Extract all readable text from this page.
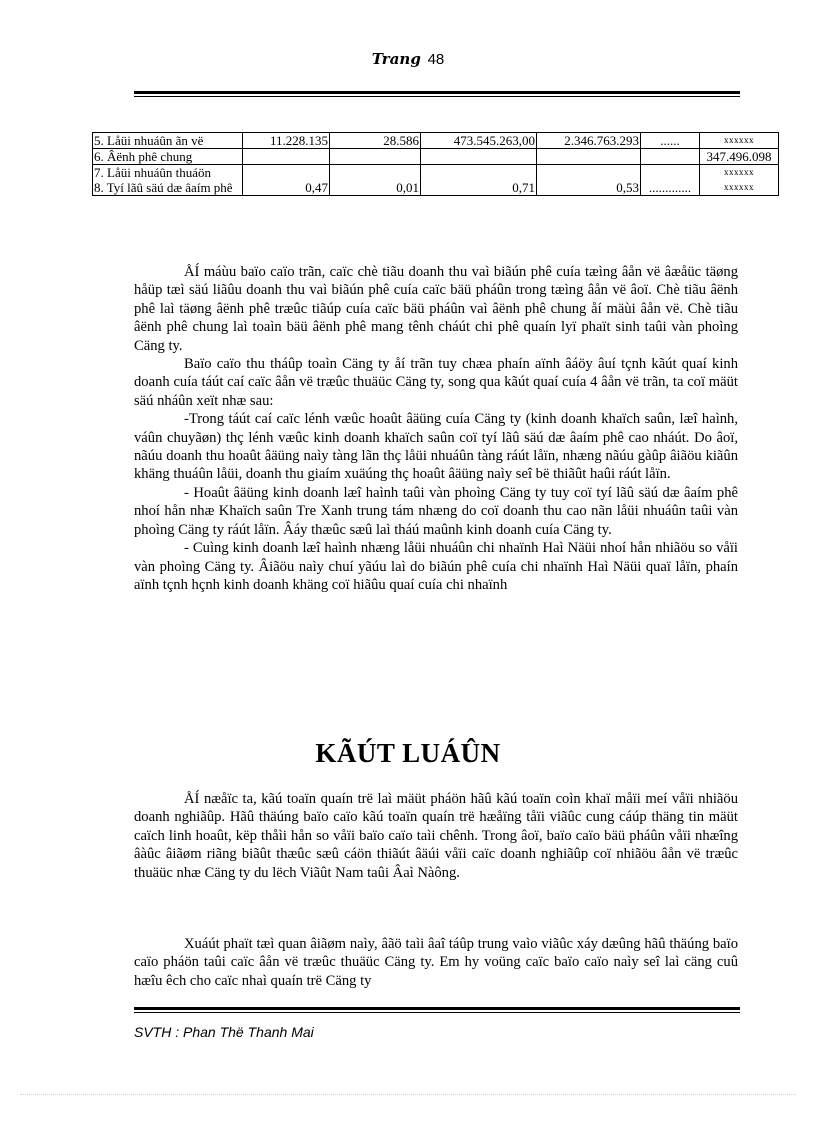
Trang 48
5. Låüi nhuáûn ãn vë	11.228.135	28.586	473.545.263,00	2.346.763.293	......	xxxxxx
6. Âënh phê chung						347.496.098
7. Låüi nhuáûn thuáön						xxxxxx
8. Tyí lãû säú dæ âaím phê	0,47	0,01	0,71	0,53	.............	xxxxxx

ÅÍ máùu baïo caïo trãn, caïc chè tiãu doanh thu vaì biãún phê cuía tæìng âån vë âæåüc täøng håüp tæì säú liãûu doanh thu vaì biãún phê cuía caïc bäü pháûn trong tæìng âån vë âoï. Chè tiãu âënh phê laì täøng âënh phê træûc tiãúp cuía caïc bäü pháûn vaì âënh phê chung åí mäùi âån vë. Chè tiãu âënh phê chung laì toaìn bäü âënh phê mang tênh cháút chi phê quaín lyï phaït sinh taûi vàn phoìng Cäng ty.

Baïo caïo thu tháûp toaìn Cäng ty åí trãn tuy chæa phaín aïnh âáöy âuí tçnh kãút quaí kinh doanh cuía táút caí caïc âån vë træûc thuäüc Cäng ty, song qua kãút quaí cuía 4 âån vë trãn, ta coï mäüt säú nháûn xeït nhæ sau:

-Trong táút caí caïc lénh væûc hoaût âäüng cuía Cäng ty (kinh doanh khaïch saûn, læî haình, váûn chuyãøn) thç lénh væûc kinh doanh khaïch saûn coï tyí lãû säú dæ âaím phê cao nháút. Do âoï, nãúu doanh thu hoaût âäüng naìy tàng lãn thç låüi nhuáûn tàng ráút låïn, nhæng nãúu gàûp âiãöu kiãûn khäng thuáûn låüi, doanh thu giaím xuäúng thç hoaût âäüng naìy seî bë thiãût haûi ráút låïn.

- Hoaût âäüng kinh doanh læî haình taûi vàn phoìng Cäng ty tuy coï tyí lãû säú dæ âaím phê nhoí hån nhæ Khaïch saûn Tre Xanh trung tám nhæng do coï doanh thu cao nãn låüi nhuáûn taûi vàn phoìng Cäng ty ráút låïn. Âáy thæûc sæû laì tháú maûnh kinh doanh cuía Cäng ty.

- Cuìng kinh doanh læî haình nhæng låüi nhuáûn chi nhaïnh Haì Näüi nhoí hån nhiãöu so våïi vàn phoìng Cäng ty. Âiãöu naìy chuí yãúu laì do biãún phê cuía chi nhaïnh Haì Näüi quaï låïn, phaín aïnh tçnh hçnh kinh doanh khäng coï hiãûu quaí cuía chi nhaïnh

KÃÚT LUÁÛN

ÅÍ næåïc ta, kãú toaïn quaín trë laì mäüt pháön hãû kãú toaïn coìn khaï måïi meí våïi nhiãöu doanh nghiãûp. Hãû thäúng baïo caïo kãú toaïn quaín trë hæåïng tåïi viãûc cung cáúp thäng tin mäüt caïch linh hoaût, këp thåìi hån so våïi baïo caïo taìi chênh. Trong âoï, baïo caïo bäü pháûn våïi nhæîng âàûc âiãøm riãng biãût thæûc sæû cáön thiãút âäúi våïi caïc doanh nghiãûp coï nhiãöu âån vë træûc thuäüc nhæ Cäng ty du lëch Viãût Nam taûi Âaì Nàông.

Xuáút phaït tæì quan âiãøm naìy, âãö taìi âaî táûp trung vaìo viãûc xáy dæûng hãû thäúng baïo caïo pháön taûi caïc âån vë træûc thuäüc Cäng ty. Em hy voüng caïc baïo caïo naìy seî laì cäng cuû hæîu êch cho caïc nhaì quaín trë Cäng ty

SVTH : Phan Thë Thanh Mai
